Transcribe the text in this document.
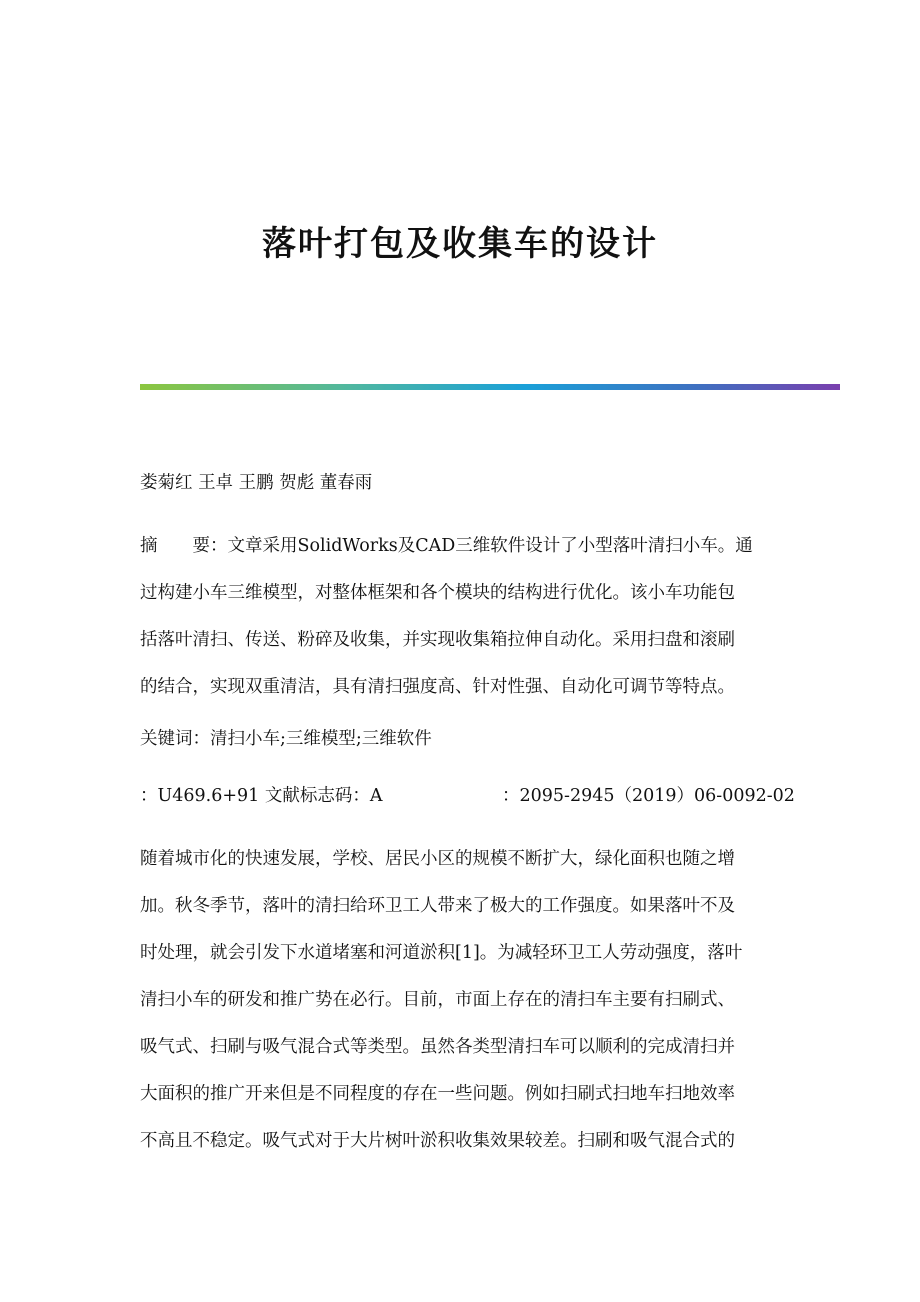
落叶打包及收集车的设计
娄菊红 王卓 王鹏 贺彪 董春雨
摘　　要：文章采用SolidWorks及CAD三维软件设计了小型落叶清扫小车。通
过构建小车三维模型，对整体框架和各个模块的结构进行优化。该小车功能包
括落叶清扫、传送、粉碎及收集，并实现收集箱拉伸自动化。采用扫盘和滚刷
的结合，实现双重清洁，具有清扫强度高、针对性强、自动化可调节等特点。
关键词：清扫小车;三维模型;三维软件
：U469.6+91 文献标志码：A	：2095-2945（2019）06-0092-02
随着城市化的快速发展，学校、居民小区的规模不断扩大，绿化面积也随之增
加。秋冬季节，落叶的清扫给环卫工人带来了极大的工作强度。如果落叶不及
时处理，就会引发下水道堵塞和河道淤积[1]。为减轻环卫工人劳动强度，落叶
清扫小车的研发和推广势在必行。目前，市面上存在的清扫车主要有扫刷式、
吸气式、扫刷与吸气混合式等类型。虽然各类型清扫车可以顺利的完成清扫并
大面积的推广开来但是不同程度的存在一些问题。例如扫刷式扫地车扫地效率
不高且不稳定。吸气式对于大片树叶淤积收集效果较差。扫刷和吸气混合式的
